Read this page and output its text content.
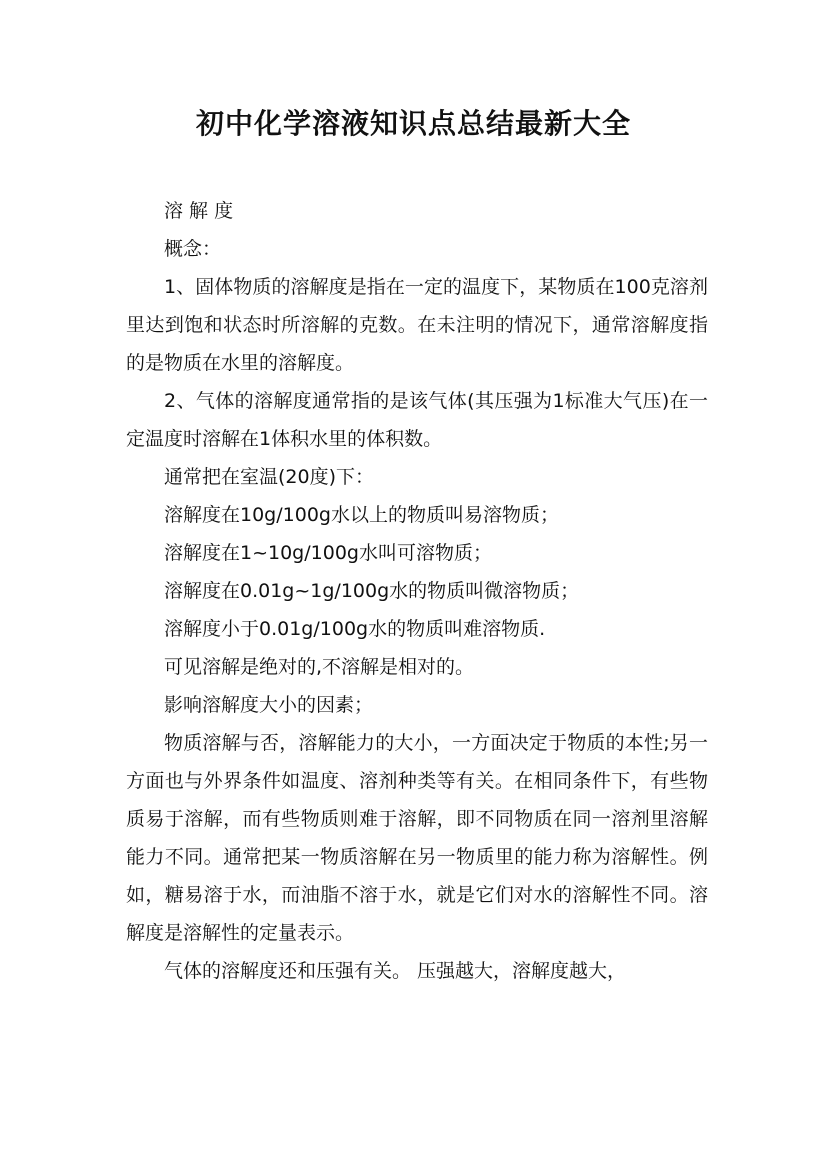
初中化学溶液知识点总结最新大全

溶 解 度

概念：

1、固体物质的溶解度是指在一定的温度下，某物质在100克溶剂里达到饱和状态时所溶解的克数。在未注明的情况下，通常溶解度指的是物质在水里的溶解度。

2、气体的溶解度通常指的是该气体(其压强为1标准大气压)在一定温度时溶解在1体积水里的体积数。

通常把在室温(20度)下：

溶解度在10g/100g水以上的物质叫易溶物质；

溶解度在1~10g/100g水叫可溶物质；

溶解度在0.01g~1g/100g水的物质叫微溶物质；

溶解度小于0.01g/100g水的物质叫难溶物质.

可见溶解是绝对的,不溶解是相对的。

影响溶解度大小的因素；

物质溶解与否，溶解能力的大小，一方面决定于物质的本性;另一方面也与外界条件如温度、溶剂种类等有关。在相同条件下，有些物质易于溶解，而有些物质则难于溶解，即不同物质在同一溶剂里溶解能力不同。通常把某一物质溶解在另一物质里的能力称为溶解性。例如，糖易溶于水，而油脂不溶于水，就是它们对水的溶解性不同。溶解度是溶解性的定量表示。

气体的溶解度还和压强有关。 压强越大，溶解度越大，
